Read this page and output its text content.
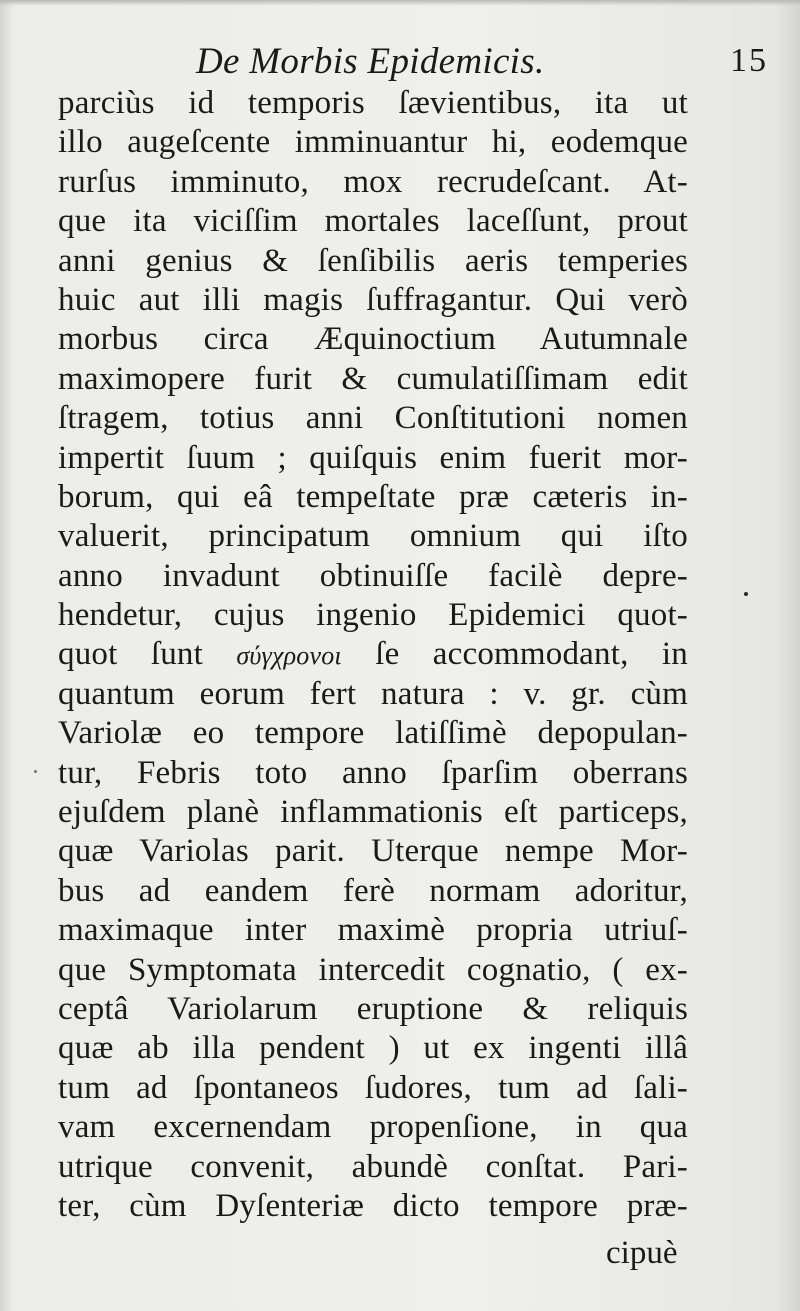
De Morbis Epidemicis.	15
parciùs id temporis ſævientibus, ita ut
illo augeſcente imminuantur hi, eodemque
rurſus imminuto, mox recrudeſcant. At-
que ita viciſſim mortales laceſſunt, prout
anni genius & ſenſibilis aeris temperies
huic aut illi magis ſuffragantur. Qui verò
morbus circa Æquinoctium Autumnale
maximopere furit & cumulatiſſimam edit
ſtragem, totius anni Conſtitutioni nomen
impertit ſuum ; quiſquis enim fuerit mor-
borum, qui eâ tempeſtate præ cæteris in-
valuerit, principatum omnium qui iſto
anno invadunt obtinuiſſe facilè depre-
hendetur, cujus ingenio Epidemici quot-
quot ſunt σύγχρονοι ſe accommodant, in
quantum eorum fert natura : v. gr. cùm
Variolæ eo tempore latiſſimè depopulan-
tur, Febris toto anno ſparſim oberrans
ejuſdem planè inflammationis eſt particeps,
quæ Variolas parit. Uterque nempe Mor-
bus ad eandem ferè normam adoritur,
maximaque inter maximè propria utriuſ-
que Symptomata intercedit cognatio, ( ex-
ceptâ Variolarum eruptione & reliquis
quæ ab illa pendent ) ut ex ingenti illâ
tum ad ſpontaneos ſudores, tum ad ſali-
vam excernendam propenſione, in qua
utrique convenit, abundè conſtat. Pari-
ter, cùm Dyſenteriæ dicto tempore præ-
cipuè
